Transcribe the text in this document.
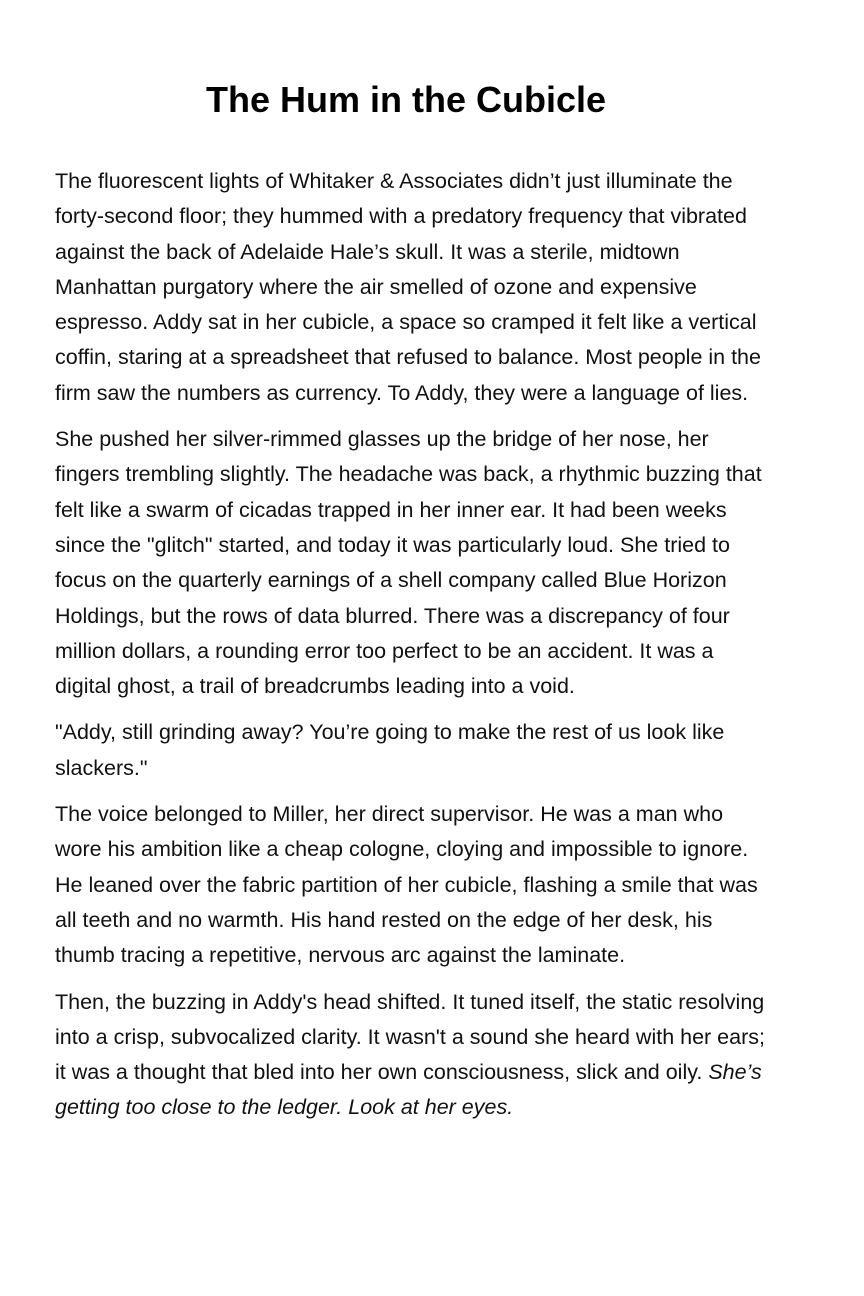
The Hum in the Cubicle

The fluorescent lights of Whitaker & Associates didn’t just illuminate the forty-second floor; they hummed with a predatory frequency that vibrated against the back of Adelaide Hale’s skull. It was a sterile, midtown Manhattan purgatory where the air smelled of ozone and expensive espresso. Addy sat in her cubicle, a space so cramped it felt like a vertical coffin, staring at a spreadsheet that refused to balance. Most people in the firm saw the numbers as currency. To Addy, they were a language of lies.

She pushed her silver-rimmed glasses up the bridge of her nose, her fingers trembling slightly. The headache was back, a rhythmic buzzing that felt like a swarm of cicadas trapped in her inner ear. It had been weeks since the "glitch" started, and today it was particularly loud. She tried to focus on the quarterly earnings of a shell company called Blue Horizon Holdings, but the rows of data blurred. There was a discrepancy of four million dollars, a rounding error too perfect to be an accident. It was a digital ghost, a trail of breadcrumbs leading into a void.

"Addy, still grinding away? You’re going to make the rest of us look like slackers."

The voice belonged to Miller, her direct supervisor. He was a man who wore his ambition like a cheap cologne, cloying and impossible to ignore. He leaned over the fabric partition of her cubicle, flashing a smile that was all teeth and no warmth. His hand rested on the edge of her desk, his thumb tracing a repetitive, nervous arc against the laminate.

Then, the buzzing in Addy's head shifted. It tuned itself, the static resolving into a crisp, subvocalized clarity. It wasn't a sound she heard with her ears; it was a thought that bled into her own consciousness, slick and oily. She’s getting too close to the ledger. Look at her eyes.
